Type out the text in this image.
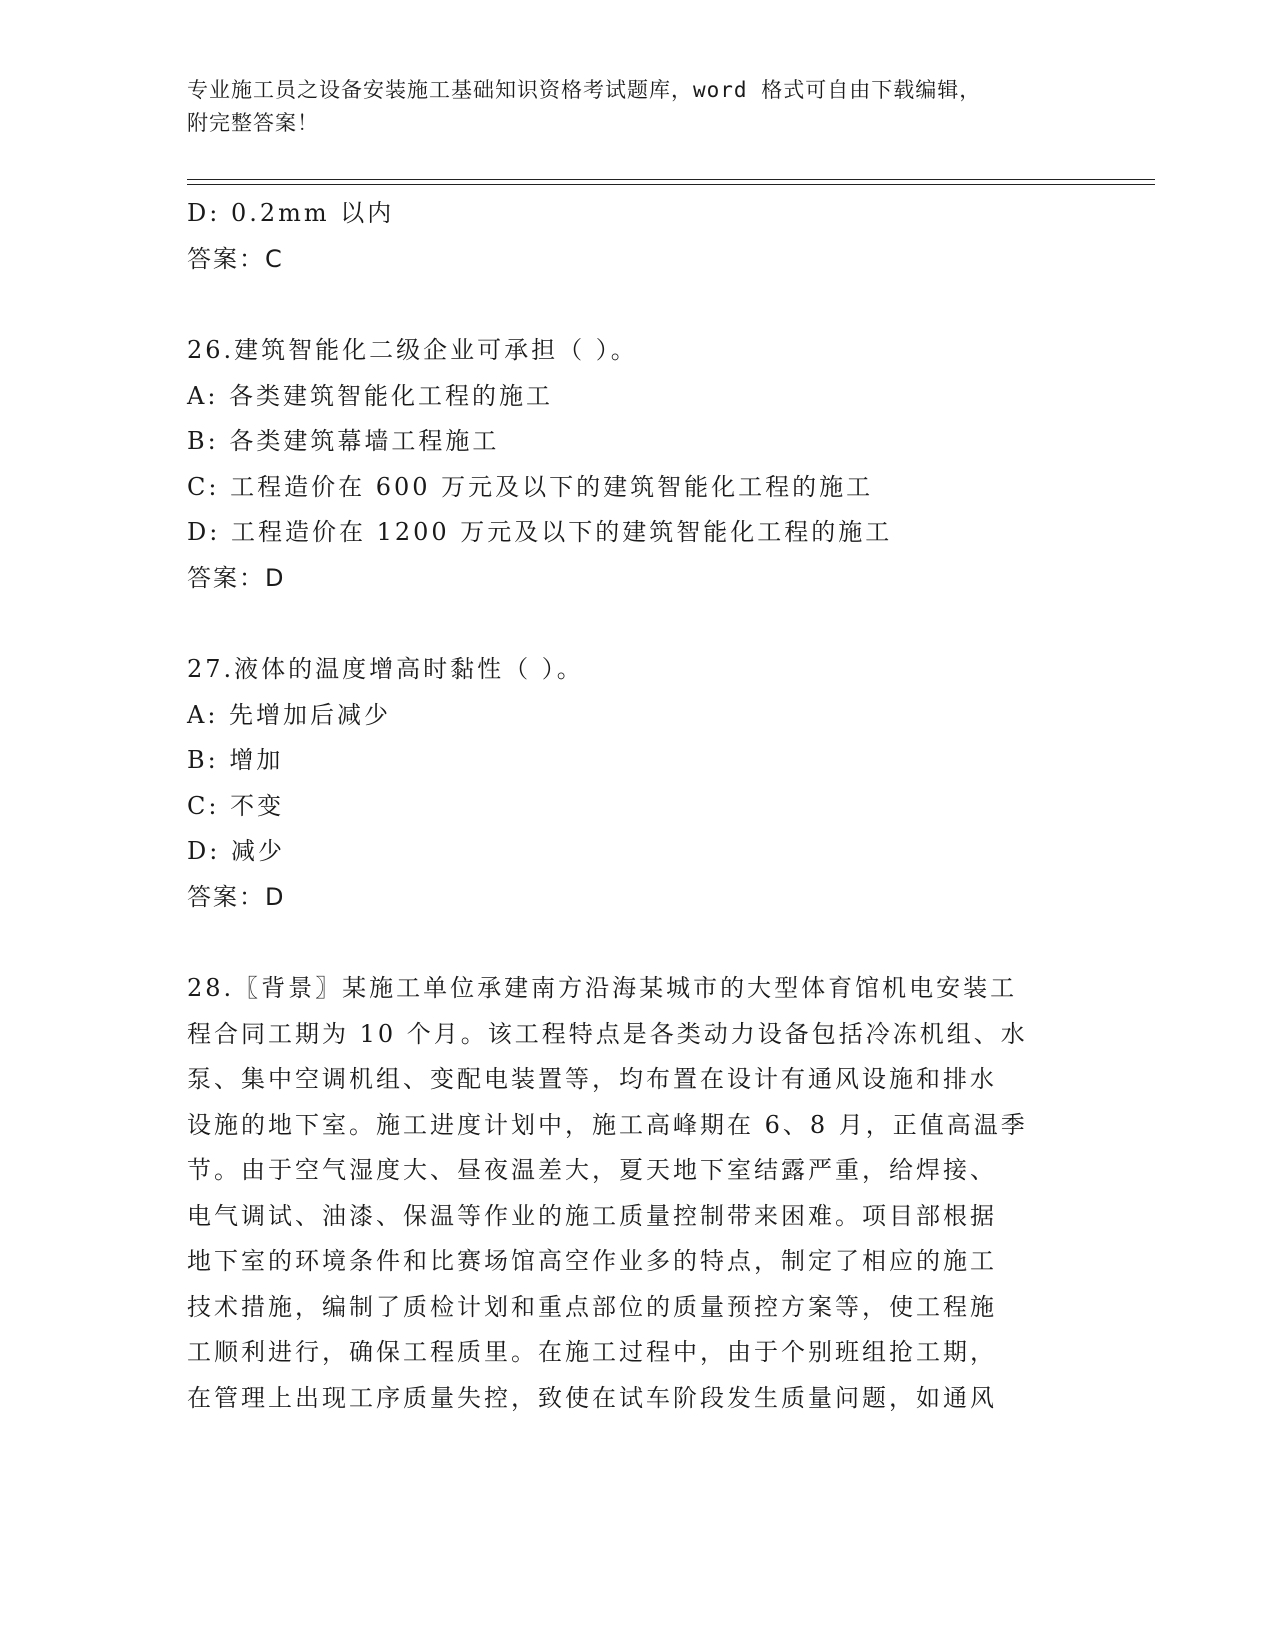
专业施工员之设备安装施工基础知识资格考试题库，word 格式可自由下载编辑，
附完整答案！
D: 0.2mm 以内
答案：C
26.建筑智能化二级企业可承担（ ）。
A: 各类建筑智能化工程的施工
B: 各类建筑幕墙工程施工
C: 工程造价在 600 万元及以下的建筑智能化工程的施工
D: 工程造价在 1200 万元及以下的建筑智能化工程的施工
答案：D
27.液体的温度增高时黏性（ ）。
A: 先增加后减少
B: 增加
C: 不变
D: 减少
答案：D
28.〖背景〗某施工单位承建南方沿海某城市的大型体育馆机电安装工
程合同工期为 10 个月。该工程特点是各类动力设备包括冷冻机组、水
泵、集中空调机组、变配电装置等，均布置在设计有通风设施和排水
设施的地下室。施工进度计划中，施工高峰期在 6、8 月，正值高温季
节。由于空气湿度大、昼夜温差大，夏天地下室结露严重，给焊接、
电气调试、油漆、保温等作业的施工质量控制带来困难。项目部根据
地下室的环境条件和比赛场馆高空作业多的特点，制定了相应的施工
技术措施，编制了质检计划和重点部位的质量预控方案等，使工程施
工顺利进行，确保工程质里。在施工过程中，由于个别班组抢工期，
在管理上出现工序质量失控，致使在试车阶段发生质量问题，如通风
